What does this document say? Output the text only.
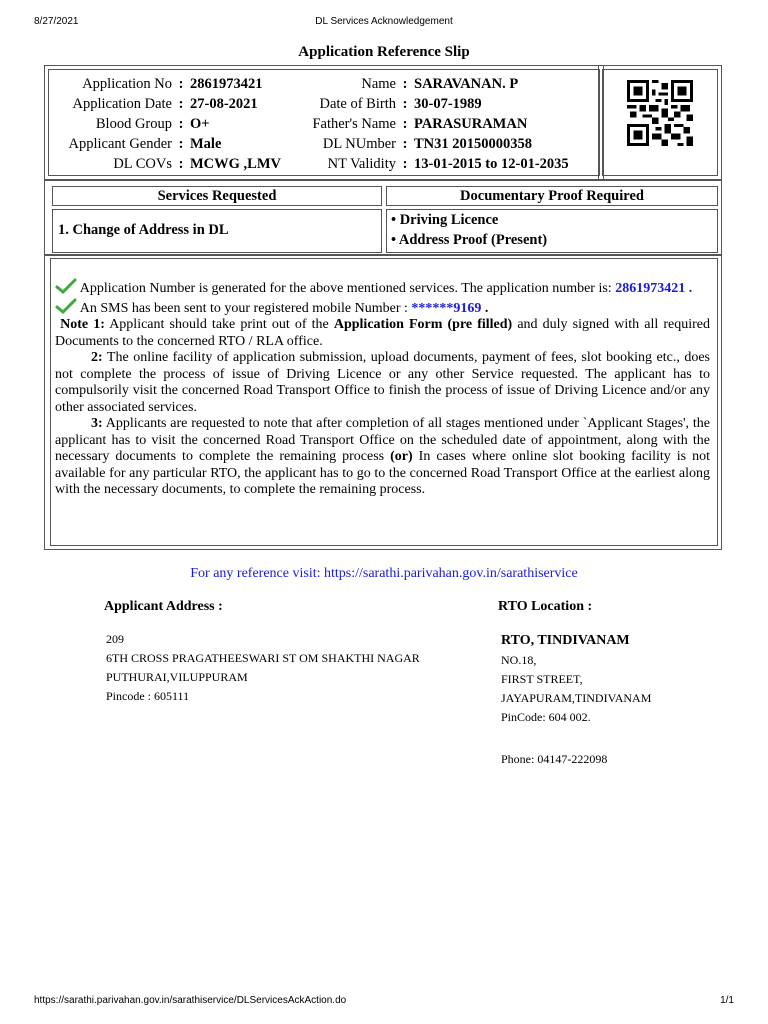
8/27/2021	DL Services Acknowledgement
Application Reference Slip
Application No : 2861973421
Application Date : 27-08-2021
Blood Group : O+
Applicant Gender : Male
DL COVs : MCWG ,LMV
Name : SARAVANAN. P
Date of Birth : 30-07-1989
Father's Name : PARASURAMAN
DL NUmber : TN31 20150000358
NT Validity : 13-01-2015 to 12-01-2035
Services Requested	Documentary Proof Required
1. Change of Address in DL
• Driving Licence
• Address Proof (Present)

Application Number is generated for the above mentioned services. The application number is: 2861973421 .

An SMS has been sent to your registered mobile Number : ******9169 .

Note 1: Applicant should take print out of the Application Form (pre filled) and duly signed with all required Documents to the concerned RTO / RLA office.

2: The online facility of application submission, upload documents, payment of fees, slot booking etc., does not complete the process of issue of Driving Licence or any other Service requested. The applicant has to compulsorily visit the concerned Road Transport Office to finish the process of issue of Driving Licence and/or any other associated services.

3: Applicants are requested to note that after completion of all stages mentioned under `Applicant Stages', the applicant has to visit the concerned Road Transport Office on the scheduled date of appointment, along with the necessary documents to complete the remaining process (or) In cases where online slot booking facility is not available for any particular RTO, the applicant has to go to the concerned Road Transport Office at the earliest along with the necessary documents, to complete the remaining process.

For any reference visit: https://sarathi.parivahan.gov.in/sarathiservice
Applicant Address :
209
6TH CROSS PRAGATHEESWARI ST OM SHAKTHI NAGAR
PUTHURAI,VILUPPURAM
Pincode : 605111
RTO Location :
RTO, TINDIVANAM
NO.18,
FIRST STREET,
JAYAPURAM,TINDIVANAM
PinCode: 604 002.
Phone: 04147-222098
https://sarathi.parivahan.gov.in/sarathiservice/DLServicesAckAction.do	1/1
